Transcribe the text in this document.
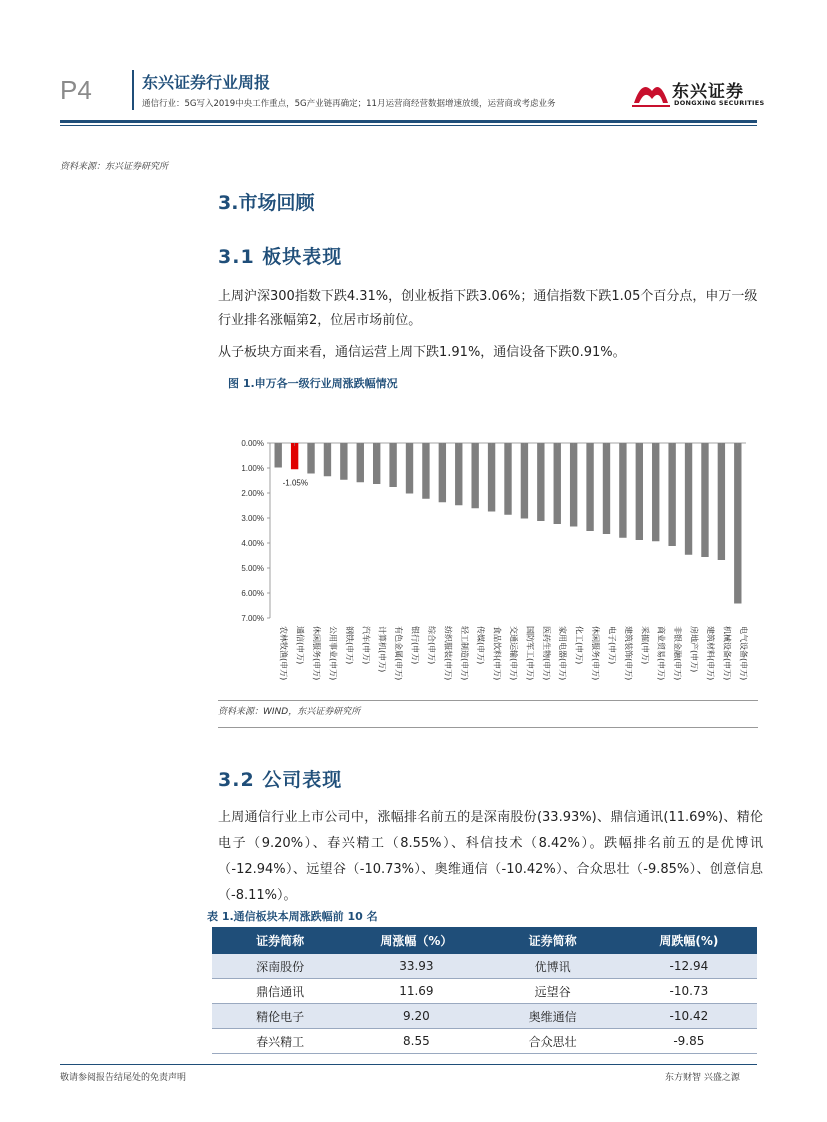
P4	东兴证券行业周报
通信行业：5G写入2019中央工作重点，5G产业链再确定；11月运营商经营数据增速放缓，运营商或考虑业务
东兴证券
DONGXING SECURITIES
资料来源：东兴证券研究所
3.市场回顾
3.1 板块表现
上周沪深300指数下跌4.31%，创业板指下跌3.06%；通信指数下跌1.05个百分点，申万一级行业排名涨幅第2，位居市场前位。
从子板块方面来看，通信运营上周下跌1.91%，通信设备下跌0.91%。
图 1.申万各一级行业周涨跌幅情况
0.00%
1.00%
2.00%
3.00%
4.00%
5.00%
6.00%
7.00%
农林牧渔(申万) 通信(申万) 休闲服务(申万) 公用事业(申万) 钢铁(申万) 汽车(申万) 计算机(申万) 有色金属(申万) 银行(申万) 综合(申万) 纺织服装(申万) 轻工制造(申万) 传媒(申万) 食品饮料(申万) 交通运输(申万) 国防军工(申万) 医药生物(申万) 家用电器(申万) 化工(申万) 休闲服务(申万) 电子(申万) 建筑装饰(申万) 采掘(申万) 商业贸易(申万) 非银金融(申万) 房地产(申万) 建筑材料(申万) 机械设备(申万) 电气设备(申万)
-1.05%
资料来源：WIND，东兴证券研究所
3.2 公司表现
上周通信行业上市公司中，涨幅排名前五的是深南股份(33.93%)、鼎信通讯(11.69%)、精伦电子（9.20%）、春兴精工（8.55%）、科信技术（8.42%）。跌幅排名前五的是优博讯（-12.94%）、远望谷（-10.73%）、奥维通信（-10.42%）、合众思壮（-9.85%）、创意信息（-8.11%）。
表 1.通信板块本周涨跌幅前 10 名
证券简称	周涨幅（%）	证券简称	周跌幅(%)
深南股份	33.93	优博讯	-12.94
鼎信通讯	11.69	远望谷	-10.73
精伦电子	9.20	奥维通信	-10.42
春兴精工	8.55	合众思壮	-9.85
敬请参阅报告结尾处的免责声明	东方财智 兴盛之源
